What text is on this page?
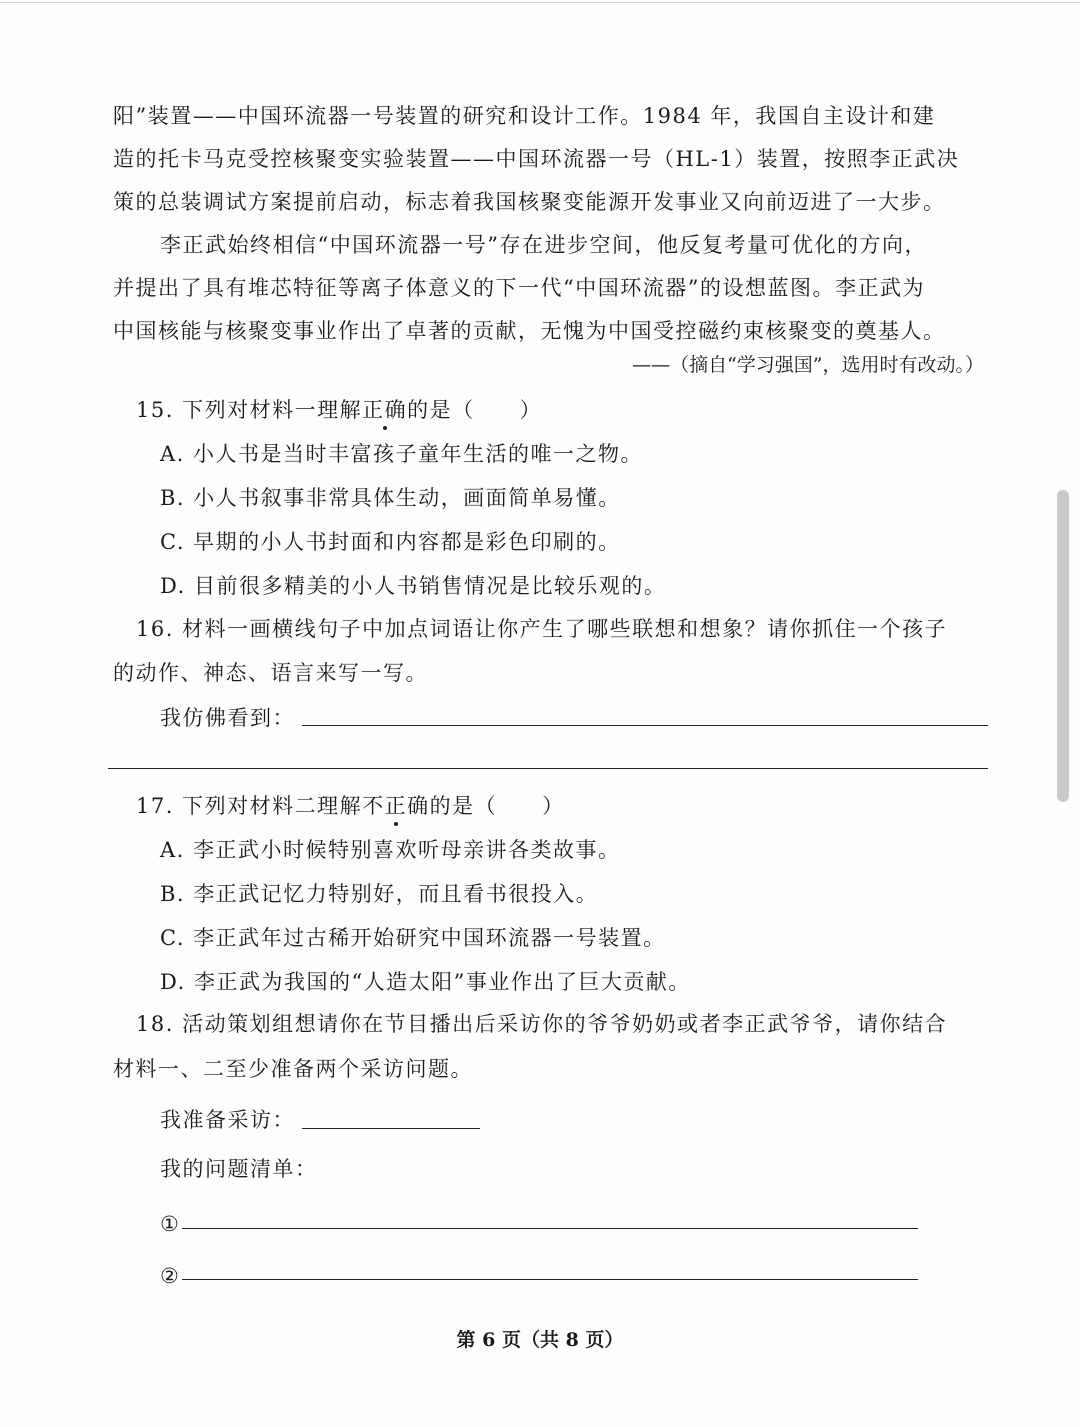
阳”装置——中国环流器一号装置的研究和设计工作。1984 年，我国自主设计和建
造的托卡马克受控核聚变实验装置——中国环流器一号（HL-1）装置，按照李正武决
策的总装调试方案提前启动，标志着我国核聚变能源开发事业又向前迈进了一大步。
李正武始终相信“中国环流器一号”存在进步空间，他反复考量可优化的方向，
并提出了具有堆芯特征等离子体意义的下一代“中国环流器”的设想蓝图。李正武为
中国核能与核聚变事业作出了卓著的贡献，无愧为中国受控磁约束核聚变的奠基人。
——（摘自“学习强国”，选用时有改动。）
15. 下列对材料一理解正确的是（　　）
A. 小人书是当时丰富孩子童年生活的唯一之物。
B. 小人书叙事非常具体生动，画面简单易懂。
C. 早期的小人书封面和内容都是彩色印刷的。
D. 目前很多精美的小人书销售情况是比较乐观的。
16. 材料一画横线句子中加点词语让你产生了哪些联想和想象？请你抓住一个孩子
的动作、神态、语言来写一写。
我仿佛看到：
17. 下列对材料二理解不正确的是（　　）
A. 李正武小时候特别喜欢听母亲讲各类故事。
B. 李正武记忆力特别好，而且看书很投入。
C. 李正武年过古稀开始研究中国环流器一号装置。
D. 李正武为我国的“人造太阳”事业作出了巨大贡献。
18. 活动策划组想请你在节目播出后采访你的爷爷奶奶或者李正武爷爷，请你结合
材料一、二至少准备两个采访问题。
我准备采访：
我的问题清单：
①
②
第 6 页（共 8 页）
